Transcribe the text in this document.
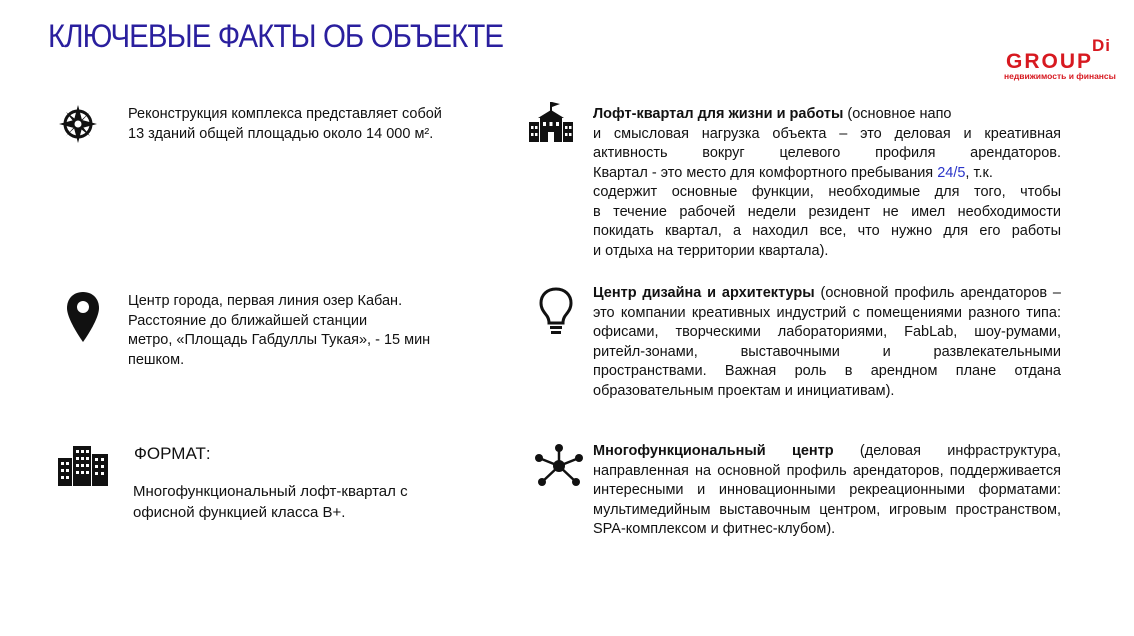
КЛЮЧЕВЫЕ ФАКТЫ ОБ ОБЪЕКТЕ	Di
GROUP
недвижимость и финансы

Реконструкция комплекса представляет собой

13 зданий общей площадью около 14 000 м².

Центр города, первая линия озер Кабан.

Расстояние до ближайшей станции

метро, «Площадь Габдуллы Тукая», - 15 мин

пешком.

ФОРМАТ:

Многофункциональный лофт-квартал с

офисной функцией класса В+.

Лофт-квартал для жизни и работы (основное напо

и смысловая нагрузка объекта – это деловая и креативная

активность вокруг целевого профиля арендаторов.

Квартал - это место для комфортного пребывания 24/5, т.к.

содержит основные функции, необходимые для того, чтобы

в течение рабочей недели резидент не имел необходимости

покидать квартал, а находил все, что нужно для его работы

и отдыха на территории квартала).

Центр дизайна и архитектуры (основной профиль арендаторов – это компании креативных индустрий с помещениями разного типа: офисами, творческими лабораториями, FabLab, шоу-румами, ритейл-зонами, выставочными и развлекательными пространствами. Важная роль в арендном плане отдана образовательным проектам и инициативам).
Многофункциональный центр (деловая инфраструктура, направленная на основной профиль арендаторов, поддерживается интересными и инновационными рекреационными форматами: мультимедийным выставочным центром, игровым пространством, SPA-комплексом и фитнес-клубом).
